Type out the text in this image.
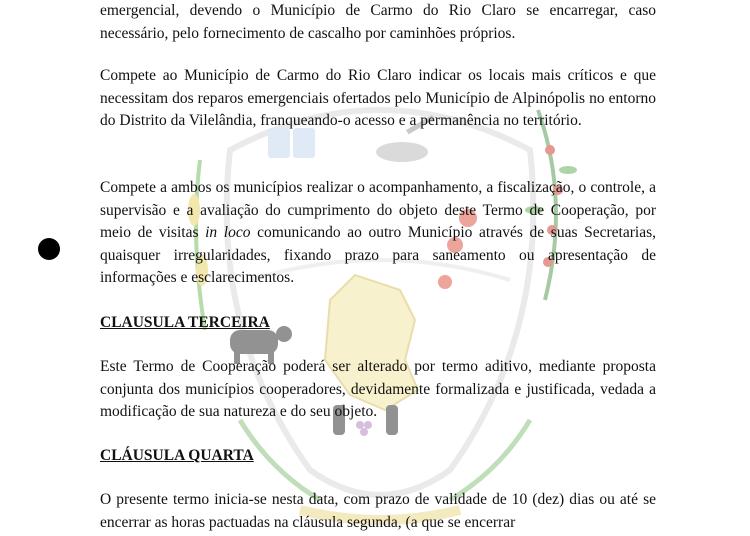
emergencial, devendo o Município de Carmo do Rio Claro se encarregar, caso
necessário, pelo fornecimento de cascalho por caminhões próprios.

Compete ao Município de Carmo do Rio Claro indicar os locais mais críticos e que necessitam dos reparos emergenciais ofertados pelo Município de Alpinópolis no entorno do Distrito da Vilelândia, franqueando-o acesso e a permanência no território.

Compete a ambos os municípios realizar o acompanhamento, a fiscalização, o controle, a supervisão e a avaliação do cumprimento do objeto deste Termo de Cooperação, por meio de visitas in loco comunicando ao outro Município através de suas Secretarias, quaisquer irregularidades, fixando prazo para saneamento ou apresentação de informações e esclarecimentos.

CLAUSULA TERCEIRA

Este Termo de Cooperação poderá ser alterado por termo aditivo, mediante proposta conjunta dos municípios cooperadores, devidamente formalizada e justificada, vedada a modificação de sua natureza e do seu objeto.

CLÁUSULA QUARTA

O presente termo inicia-se nesta data, com prazo de validade de 10 (dez) dias ou até se encerrar as horas pactuadas na cláusula segunda, (a que se encerrar
